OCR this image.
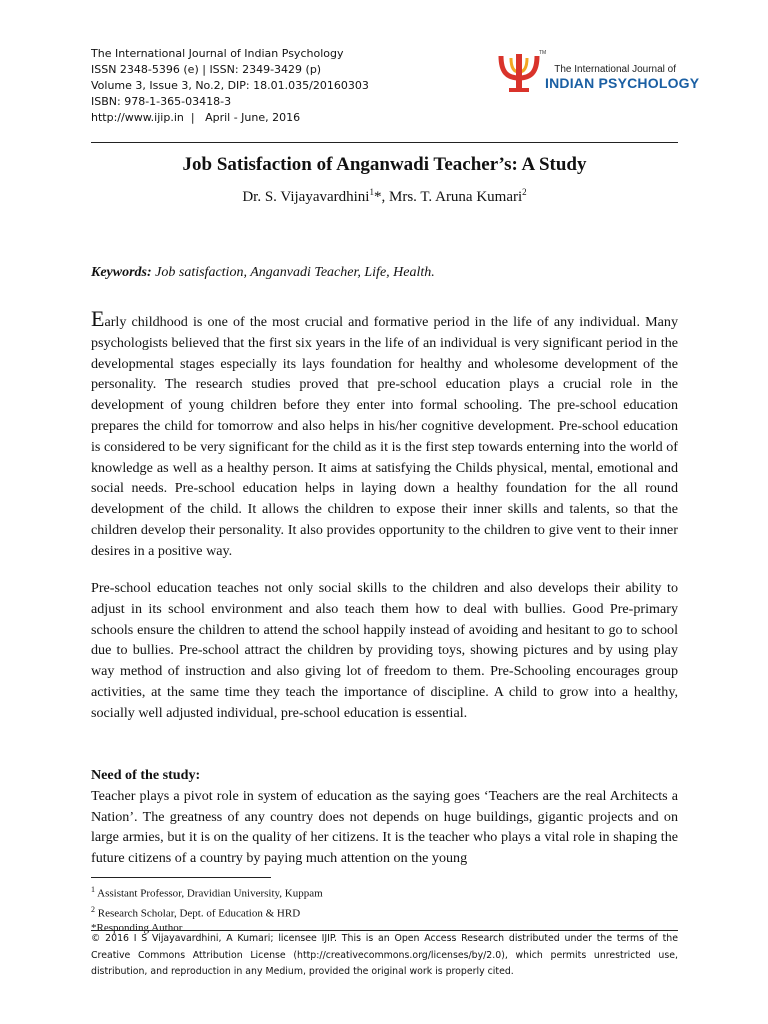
The International Journal of Indian Psychology
ISSN 2348-5396 (e) | ISSN: 2349-3429 (p)
Volume 3, Issue 3, No.2, DIP: 18.01.035/20160303
ISBN: 978-1-365-03418-3
http://www.ijip.in | April - June, 2016
TM
The International Journal of
INDIAN PSYCHOLOGY
Job Satisfaction of Anganwadi Teacher’s: A Study
Dr. S. Vijayavardhini$^1$*, Mrs. T. Aruna Kumari$^2$
Keywords: Job satisfaction, Anganvadi Teacher, Life, Health.

Early childhood is one of the most crucial and formative period in the life of any individual. Many psychologists believed that the first six years in the life of an individual is very significant period in the developmental stages especially its lays foundation for healthy and wholesome development of the personality. The research studies proved that pre-school education plays a crucial role in the development of young children before they enter into formal schooling. The pre-school education prepares the child for tomorrow and also helps in his/her cognitive development. Pre-school education is considered to be very significant for the child as it is the first step towards enterning into the world of knowledge as well as a healthy person. It aims at satisfying the Childs physical, mental, emotional and social needs. Pre-school education helps in laying down a healthy foundation for the all round development of the child. It allows the children to expose their inner skills and talents, so that the children develop their personality. It also provides opportunity to the children to give vent to their inner desires in a positive way.

Pre-school education teaches not only social skills to the children and also develops their ability to adjust in its school environment and also teach them how to deal with bullies. Good Pre-primary schools ensure the children to attend the school happily instead of avoiding and hesitant to go to school due to bullies. Pre-school attract the children by providing toys, showing pictures and by using play way method of instruction and also giving lot of freedom to them. Pre-Schooling encourages group activities, at the same time they teach the importance of discipline. A child to grow into a healthy, socially well adjusted individual, pre-school education is essential.

Need of the study:

Teacher plays a pivot role in system of education as the saying goes ‘Teachers are the real Architects a Nation’. The greatness of any country does not depends on huge buildings, gigantic projects and on large armies, but it is on the quality of her citizens. It is the teacher who plays a vital role in shaping the future citizens of a country by paying much attention on the young

$^1$ Assistant Professor, Dravidian University, Kuppam
$^2$ Research Scholar, Dept. of Education & HRD
*Responding Author
© 2016 I S Vijayavardhini, A Kumari; licensee IJIP. This is an Open Access Research distributed under the terms of the Creative Commons Attribution License (http://creativecommons.org/licenses/by/2.0), which permits unrestricted use, distribution, and reproduction in any Medium, provided the original work is properly cited.
